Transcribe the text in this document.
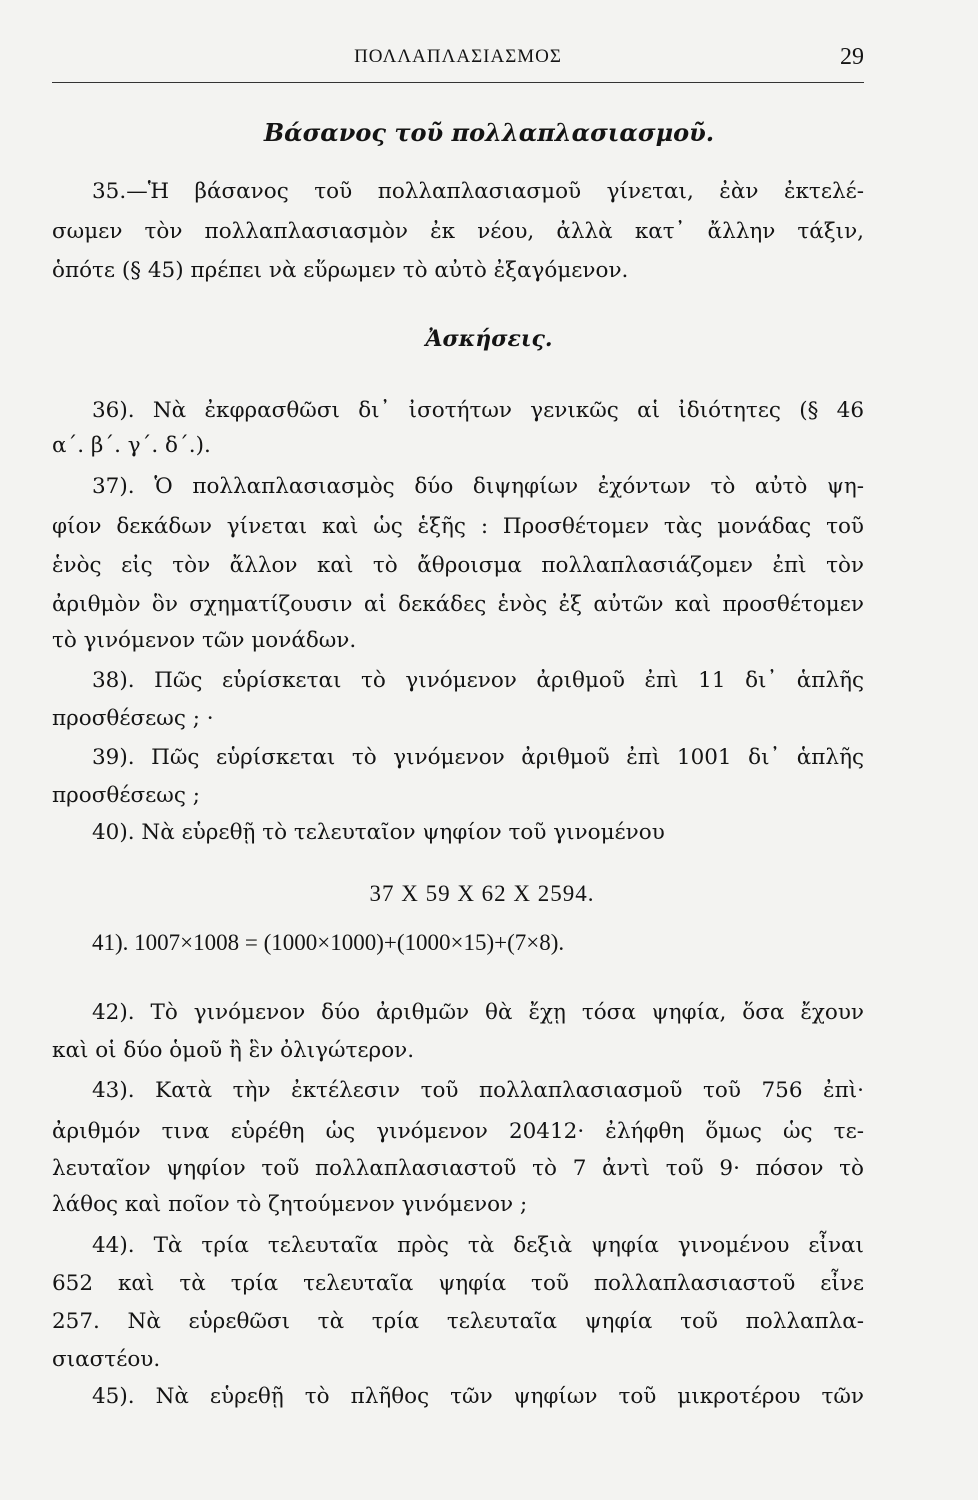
ΠΟΛΛΑΠΛΑΣΙΑΣΜΟΣ	29
Βάσανος τοῦ πολλαπλασιασμοῦ.
35.—Ἡ βάσανος τοῦ πολλαπλασιασμοῦ γίνεται, ἐὰν ἐκτελέ-
σωμεν τὸν πολλαπλασιασμὸν ἐκ νέου, ἀλλὰ κατ᾽ ἄλλην τάξιν,
ὁπότε (§ 45) πρέπει νὰ εὕρωμεν τὸ αὐτὸ ἐξαγόμενον.
Ἀσκήσεις.
36). Νὰ ἐκφρασθῶσι δι᾽ ἰσοτήτων γενικῶς αἱ ἰδιότητες (§ 46
α΄. β΄. γ΄. δ΄.).
37). Ὁ πολλαπλασιασμὸς δύο διψηφίων ἐχόντων τὸ αὐτὸ ψη-
φίον δεκάδων γίνεται καὶ ὡς ἑξῆς : Προσθέτομεν τὰς μονάδας τοῦ
ἑνὸς εἰς τὸν ἄλλον καὶ τὸ ἄθροισμα πολλαπλασιάζομεν ἐπὶ τὸν
ἀριθμὸν ὃν σχηματίζουσιν αἱ δεκάδες ἑνὸς ἐξ αὐτῶν καὶ προσθέτομεν
τὸ γινόμενον τῶν μονάδων.
38). Πῶς εὑρίσκεται τὸ γινόμενον ἀριθμοῦ ἐπὶ 11 δι᾽ ἁπλῆς
προσθέσεως ; ·
39). Πῶς εὑρίσκεται τὸ γινόμενον ἀριθμοῦ ἐπὶ 1001 δι᾽ ἁπλῆς
προσθέσεως ;
40). Νὰ εὑρεθῇ τὸ τελευταῖον ψηφίον τοῦ γινομένου
37 X 59 X 62 X 2594.
41). 1007×1008 = (1000×1000)+(1000×15)+(7×8).
42). Τὸ γινόμενον δύο ἀριθμῶν θὰ ἔχῃ τόσα ψηφία, ὅσα ἔχουν
καὶ οἱ δύο ὁμοῦ ἢ ἓν ὀλιγώτερον.
43). Κατὰ τὴν ἐκτέλεσιν τοῦ πολλαπλασιασμοῦ τοῦ 756 ἐπὶ·
ἀριθμόν τινα εὑρέθη ὡς γινόμενον 20412· ἐλήφθη ὅμως ὡς τε-
λευταῖον ψηφίον τοῦ πολλαπλασιαστοῦ τὸ 7 ἀντὶ τοῦ 9· πόσον τὸ
λάθος καὶ ποῖον τὸ ζητούμενον γινόμενον ;
44). Τὰ τρία τελευταῖα πρὸς τὰ δεξιὰ ψηφία γινομένου εἶναι
652 καὶ τὰ τρία τελευταῖα ψηφία τοῦ πολλαπλασιαστοῦ εἶνε
257. Νὰ εὑρεθῶσι τὰ τρία τελευταῖα ψηφία τοῦ πολλαπλα-
σιαστέου.
45). Νὰ εὑρεθῇ τὸ πλῆθος τῶν ψηφίων τοῦ μικροτέρου τῶν
